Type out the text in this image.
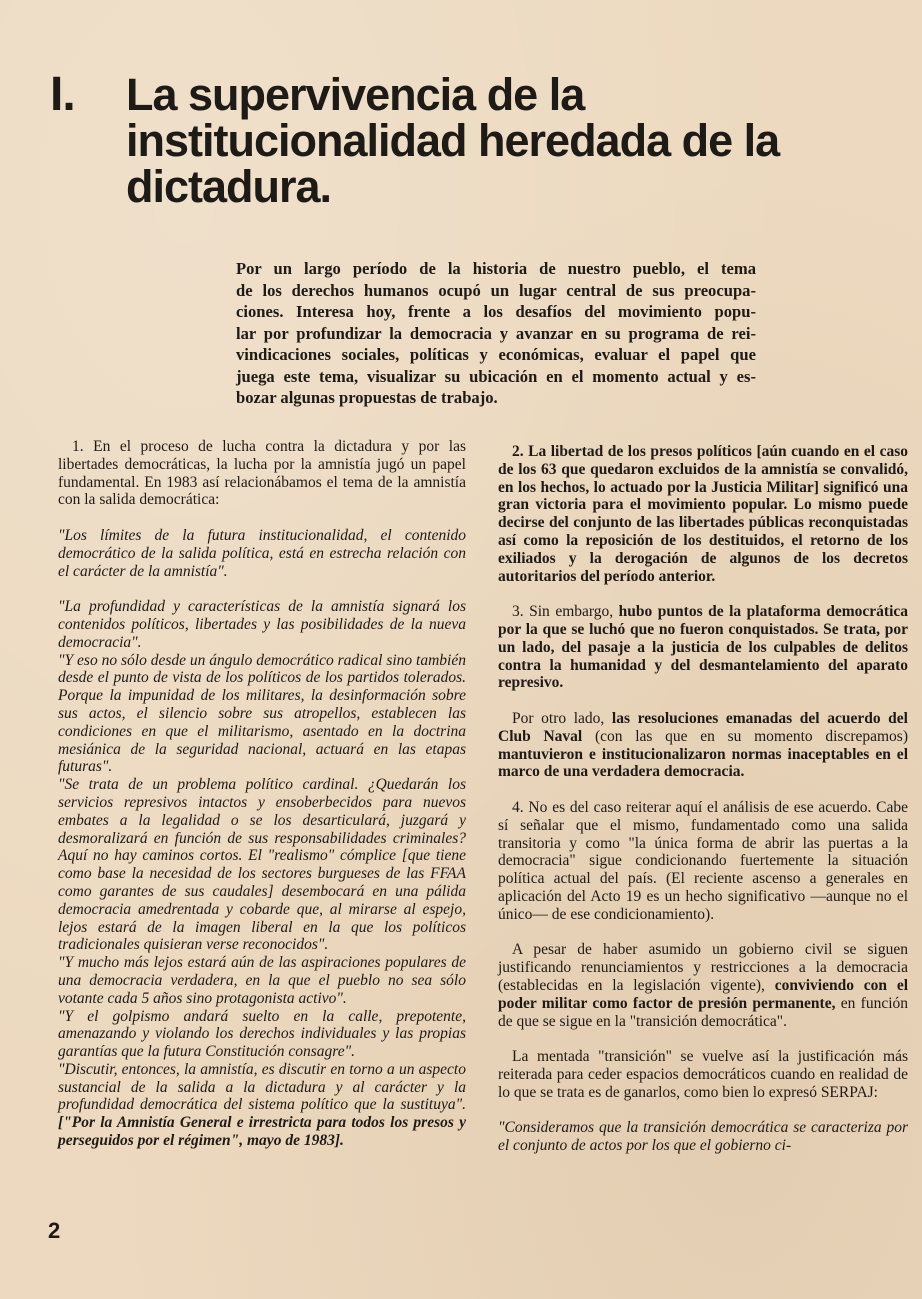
I. La supervivencia de la
institucionalidad heredada de la
dictadura.
Por un largo período de la historia de nuestro pueblo, el tema
de los derechos humanos ocupó un lugar central de sus preocupa-
ciones. Interesa hoy, frente a los desafíos del movimiento popu-
lar por profundizar la democracia y avanzar en su programa de rei-
vindicaciones sociales, políticas y económicas, evaluar el papel que
juega este tema, visualizar su ubicación en el momento actual y es-
bozar algunas propuestas de trabajo.

1. En el proceso de lucha contra la dictadura y por las libertades democráticas, la lucha por la amnistía jugó un papel fundamental. En 1983 así relacionábamos el tema de la amnistía con la salida democrática:

"Los límites de la futura institucionalidad, el contenido democrático de la salida política, está en estrecha relación con el carácter de la amnistía".

"La profundidad y características de la amnistía signará los contenidos políticos, libertades y las posibilidades de la nueva democracia".

"Y eso no sólo desde un ángulo democrático radical sino también desde el punto de vista de los políticos de los partidos tolerados. Porque la impunidad de los militares, la desinformación sobre sus actos, el silencio sobre sus atropellos, establecen las condiciones en que el militarismo, asentado en la doctrina mesiánica de la seguridad nacional, actuará en las etapas futuras".

"Se trata de un problema político cardinal. ¿Quedarán los servicios represivos intactos y ensoberbecidos para nuevos embates a la legalidad o se los desarticulará, juzgará y desmoralizará en función de sus responsabilidades criminales? Aquí no hay caminos cortos. El "realismo" cómplice [que tiene como base la necesidad de los sectores burgueses de las FFAA como garantes de sus caudales] desembocará en una pálida democracia amedrentada y cobarde que, al mirarse al espejo, lejos estará de la imagen liberal en la que los políticos tradicionales quisieran verse reconocidos".

"Y mucho más lejos estará aún de las aspiraciones populares de una democracia verdadera, en la que el pueblo no sea sólo votante cada 5 años sino protagonista activo".

"Y el golpismo andará suelto en la calle, prepotente, amenazando y violando los derechos individuales y las propias garantías que la futura Constitución consagre".

"Discutir, entonces, la amnistía, es discutir en torno a un aspecto sustancial de la salida a la dictadura y al carácter y la profundidad democrática del sistema político que la sustituya". ["Por la Amnistía General e irrestricta para todos los presos y perseguidos por el régimen", mayo de 1983].

2. La libertad de los presos políticos [aún cuando en el caso de los 63 que quedaron excluidos de la amnistía se convalidó, en los hechos, lo actuado por la Justicia Militar] significó una gran victoria para el movimiento popular. Lo mismo puede decirse del conjunto de las libertades públicas reconquistadas así como la reposición de los destituidos, el retorno de los exiliados y la derogación de algunos de los decretos autoritarios del período anterior.

3. Sin embargo, hubo puntos de la plataforma democrática por la que se luchó que no fueron conquistados. Se trata, por un lado, del pasaje a la justicia de los culpables de delitos contra la humanidad y del desmantelamiento del aparato represivo.

Por otro lado, las resoluciones emanadas del acuerdo del Club Naval (con las que en su momento discrepamos) mantuvieron e institucionalizaron normas inaceptables en el marco de una verdadera democracia.

4. No es del caso reiterar aquí el análisis de ese acuerdo. Cabe sí señalar que el mismo, fundamentado como una salida transitoria y como "la única forma de abrir las puertas a la democracia" sigue condicionando fuertemente la situación política actual del país. (El reciente ascenso a generales en aplicación del Acto 19 es un hecho significativo —aunque no el único— de ese condicionamiento).

A pesar de haber asumido un gobierno civil se siguen justificando renunciamientos y restricciones a la democracia (establecidas en la legislación vigente), conviviendo con el poder militar como factor de presión permanente, en función de que se sigue en la "transición democrática".

La mentada "transición" se vuelve así la justificación más reiterada para ceder espacios democráticos cuando en realidad de lo que se trata es de ganarlos, como bien lo expresó SERPAJ:

"Consideramos que la transición democrática se caracteriza por el conjunto de actos por los que el gobierno ci-

2
